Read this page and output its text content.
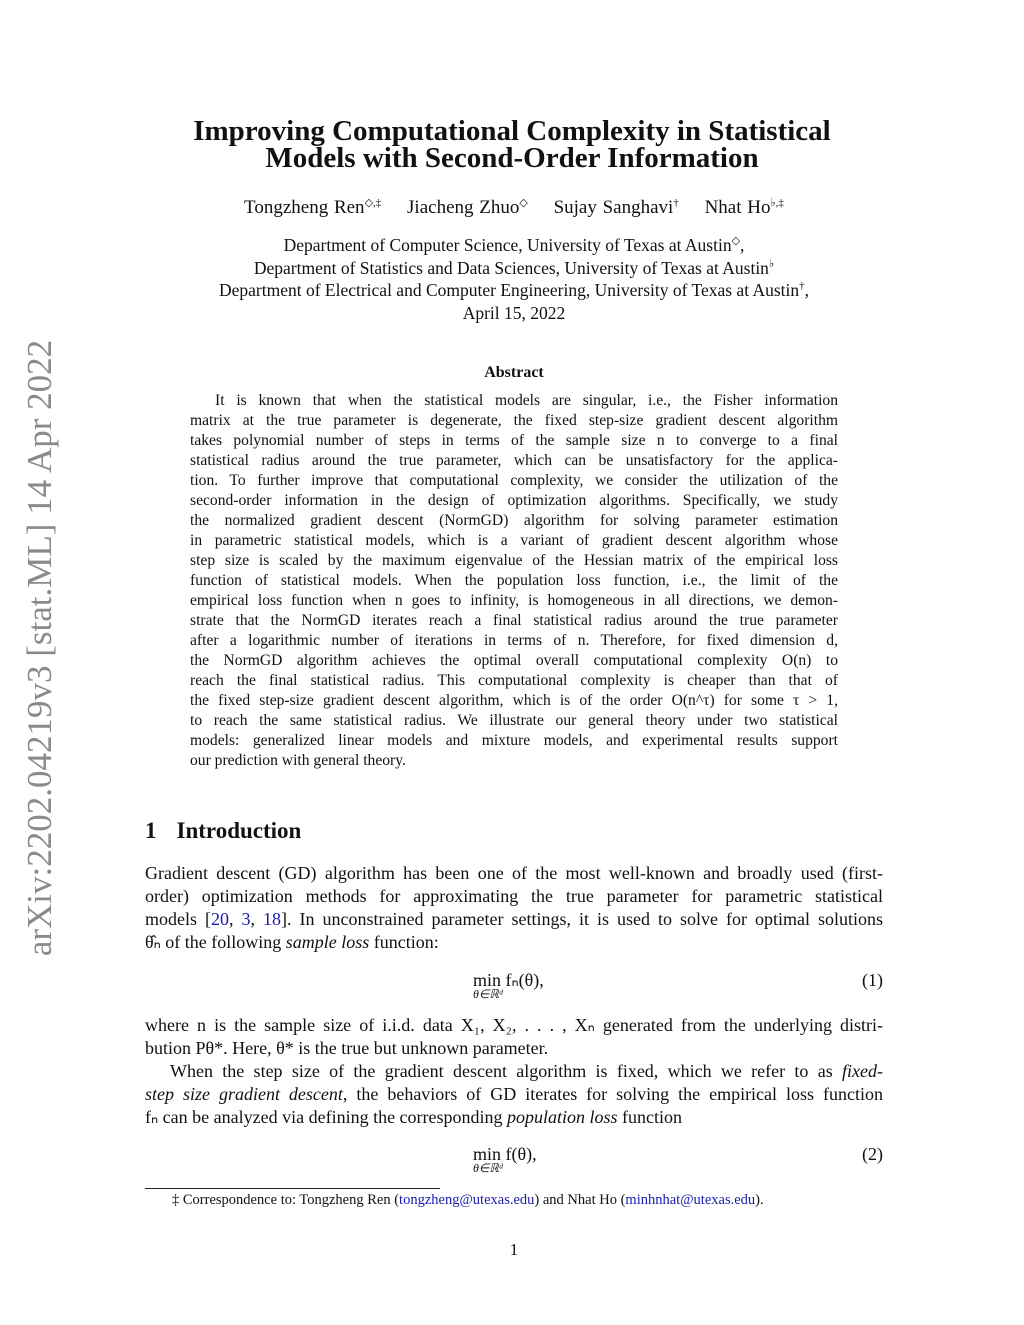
arXiv:2202.04219v3 [stat.ML] 14 Apr 2022
Improving Computational Complexity in Statistical
Models with Second-Order Information
Tongzheng Ren◇,‡ Jiacheng Zhuo◇ Sujay Sanghavi† Nhat Ho♭,‡
Department of Computer Science, University of Texas at Austin◇,
Department of Statistics and Data Sciences, University of Texas at Austin♭
Department of Electrical and Computer Engineering, University of Texas at Austin†,
April 15, 2022
Abstract
It is known that when the statistical models are singular, i.e., the Fisher information
matrix at the true parameter is degenerate, the fixed step-size gradient descent algorithm
takes polynomial number of steps in terms of the sample size n to converge to a final
statistical radius around the true parameter, which can be unsatisfactory for the applica-
tion. To further improve that computational complexity, we consider the utilization of the
second-order information in the design of optimization algorithms. Specifically, we study
the normalized gradient descent (NormGD) algorithm for solving parameter estimation
in parametric statistical models, which is a variant of gradient descent algorithm whose
step size is scaled by the maximum eigenvalue of the Hessian matrix of the empirical loss
function of statistical models. When the population loss function, i.e., the limit of the
empirical loss function when n goes to infinity, is homogeneous in all directions, we demon-
strate that the NormGD iterates reach a final statistical radius around the true parameter
after a logarithmic number of iterations in terms of n. Therefore, for fixed dimension d,
the NormGD algorithm achieves the optimal overall computational complexity O(n) to
reach the final statistical radius. This computational complexity is cheaper than that of
the fixed step-size gradient descent algorithm, which is of the order O(n^τ) for some τ > 1,
to reach the same statistical radius. We illustrate our general theory under two statistical
models: generalized linear models and mixture models, and experimental results support
our prediction with general theory.
1 Introduction
Gradient descent (GD) algorithm has been one of the most well-known and broadly used (first-
order) optimization methods for approximating the true parameter for parametric statistical
models [20, 3, 18]. In unconstrained parameter settings, it is used to solve for optimal solutions
θ̂ₙ of the following sample loss function:
min fₙ(θ),
θ∈ℝᵈ
(1)
where n is the sample size of i.i.d. data X₁, X₂, . . . , Xₙ generated from the underlying distri-
bution Pθ*. Here, θ* is the true but unknown parameter.
When the step size of the gradient descent algorithm is fixed, which we refer to as fixed-
step size gradient descent, the behaviors of GD iterates for solving the empirical loss function
fₙ can be analyzed via defining the corresponding population loss function
min f(θ),
θ∈ℝᵈ
(2)
‡ Correspondence to: Tongzheng Ren (tongzheng@utexas.edu) and Nhat Ho (minhnhat@utexas.edu).
1
